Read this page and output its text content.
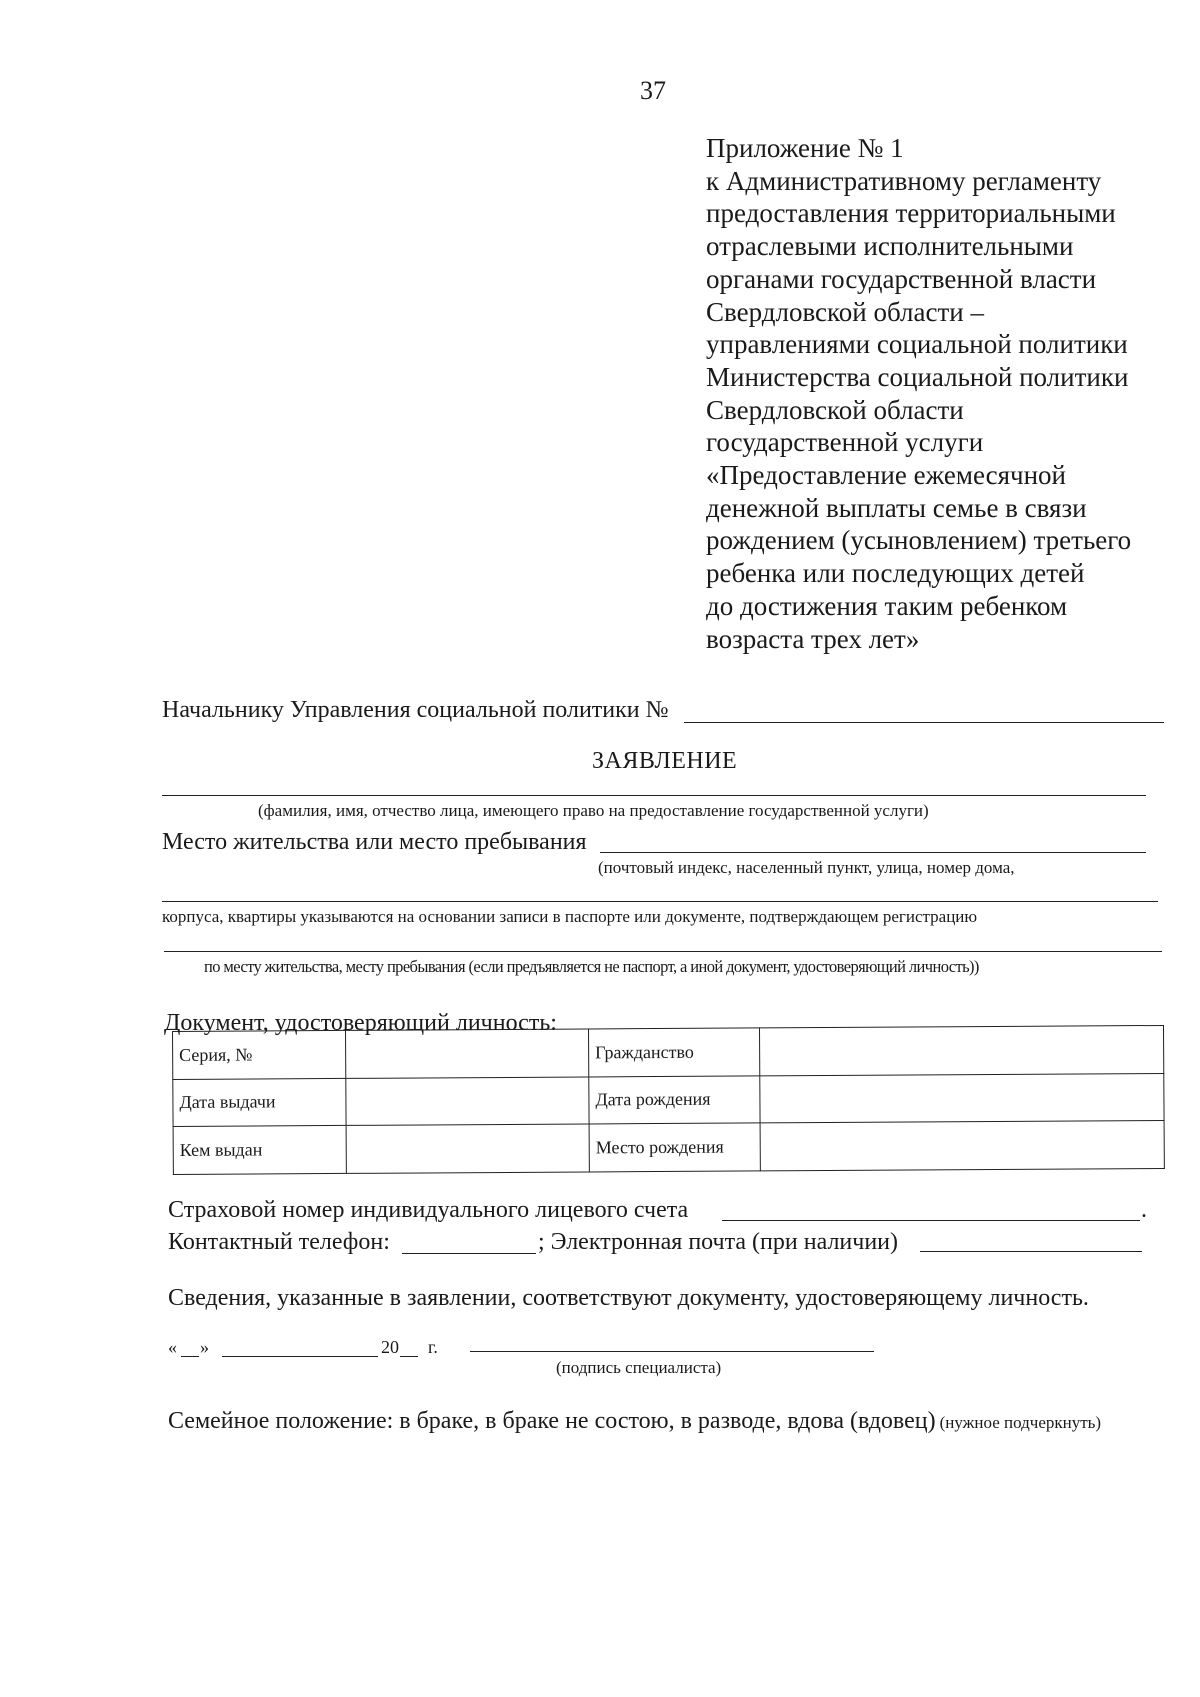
37
Приложение № 1
к Административному регламенту
предоставления территориальными
отраслевыми исполнительными
органами государственной власти
Свердловской области –
управлениями социальной политики
Министерства социальной политики
Свердловской области
государственной услуги
«Предоставление ежемесячной
денежной выплаты семье в связи
рождением (усыновлением) третьего
ребенка или последующих детей
до достижения таким ребенком
возраста трех лет»
Начальнику Управления социальной политики №
ЗАЯВЛЕНИЕ
(фамилия, имя, отчество лица, имеющего право на предоставление государственной услуги)
Место жительства или место пребывания
(почтовый индекс, населенный пункт, улица, номер дома,
корпуса, квартиры указываются на основании записи в паспорте или документе, подтверждающем регистрацию
по месту жительства, месту пребывания (если предъявляется не паспорт, а иной документ, удостоверяющий личность))
Документ, удостоверяющий личность:
Серия, №		Гражданство	
Дата выдачи		Дата рождения	
Кем выдан		Место рождения	
Страховой номер индивидуального лицевого счета	.
Контактный телефон:	; Электронная почта (при наличии)
Сведения, указанные в заявлении, соответствуют документу, удостоверяющему личность.
« »	20 г.
(подпись специалиста)
Семейное положение: в браке, в браке не состою, в разводе, вдова (вдовец) (нужное подчеркнуть)
